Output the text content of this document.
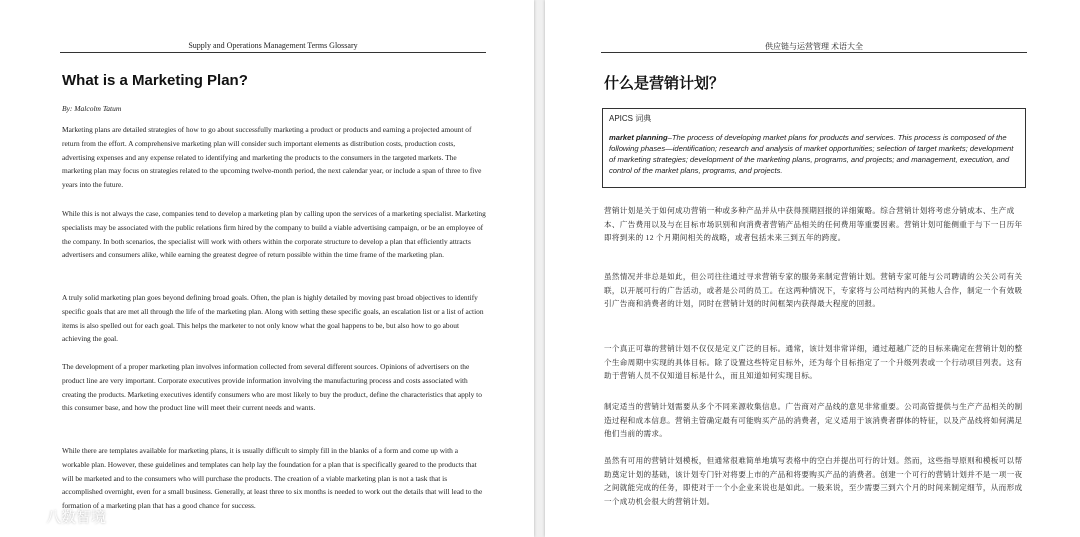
Supply and Operations Management Terms Glossary
What is a Marketing Plan?
By: Malcolm Tatum

Marketing plans are detailed strategies of how to go about successfully marketing a product or products and earning a projected amount of return from the effort. A comprehensive marketing plan will consider such important elements as distribution costs, production costs, advertising expenses and any expense related to identifying and marketing the products to the consumers in the targeted markets. The marketing plan may focus on strategies related to the upcoming twelve-month period, the next calendar year, or include a span of three to five years into the future.

While this is not always the case, companies tend to develop a marketing plan by calling upon the services of a marketing specialist. Marketing specialists may be associated with the public relations firm hired by the company to build a viable advertising campaign, or be an employee of the company. In both scenarios, the specialist will work with others within the corporate structure to develop a plan that efficiently attracts advertisers and consumers alike, while earning the greatest degree of return possible within the time frame of the marketing plan.

A truly solid marketing plan goes beyond defining broad goals. Often, the plan is highly detailed by moving past broad objectives to identify specific goals that are met all through the life of the marketing plan. Along with setting these specific goals, an escalation list or a list of action items is also spelled out for each goal. This helps the marketer to not only know what the goal happens to be, but also how to go about achieving the goal.

The development of a proper marketing plan involves information collected from several different sources. Opinions of advertisers on the product line are very important. Corporate executives provide information involving the manufacturing process and costs associated with creating the products. Marketing executives identify consumers who are most likely to buy the product, define the characteristics that apply to this consumer base, and how the product line will meet their current needs and wants.

While there are templates available for marketing plans, it is usually difficult to simply fill in the blanks of a form and come up with a workable plan. However, these guidelines and templates can help lay the foundation for a plan that is specifically geared to the products that will be marketed and to the consumers who will purchase the products. The creation of a viable marketing plan is not a task that is accomplished overnight, even for a small business. Generally, at least three to six months is needed to work out the details that will lead to the formation of a marketing plan that has a good chance for success.

供应链与运营管理 术语大全
什么是营销计划？
APICS 词典
market planning–The process of developing market plans for products and services. This process is composed of the following phases—identification; research and analysis of market opportunities; selection of target markets; development of marketing strategies; development of the marketing plans, programs, and projects; and management, execution, and control of the market plans, programs, and projects.

营销计划是关于如何成功营销一种或多种产品并从中获得预期回报的详细策略。综合营销计划将考虑分销成本、生产成本、广告费用以及与在目标市场识别和向消费者营销产品相关的任何费用等重要因素。营销计划可能侧重于与下一日历年即将到来的 12 个月期间相关的战略，或者包括未来三到五年的跨度。

虽然情况并非总是如此，但公司往往通过寻求营销专家的服务来制定营销计划。营销专家可能与公司聘请的公关公司有关联，以开展可行的广告活动，或者是公司的员工。在这两种情况下，专家将与公司结构内的其他人合作，制定一个有效吸引广告商和消费者的计划，同时在营销计划的时间框架内获得最大程度的回报。

一个真正可靠的营销计划不仅仅是定义广泛的目标。通常，该计划非常详细，通过超越广泛的目标来确定在营销计划的整个生命周期中实现的具体目标。除了设置这些特定目标外，还为每个目标指定了一个升级列表或一个行动项目列表。这有助于营销人员不仅知道目标是什么，而且知道如何实现目标。

制定适当的营销计划需要从多个不同来源收集信息。广告商对产品线的意见非常重要。公司高管提供与生产产品相关的制造过程和成本信息。营销主管确定最有可能购买产品的消费者，定义适用于该消费者群体的特征，以及产品线将如何满足他们当前的需求。

虽然有可用的营销计划模板，但通常很难简单地填写表格中的空白并提出可行的计划。然而，这些指导原则和模板可以帮助奠定计划的基础，该计划专门针对将要上市的产品和将要购买产品的消费者。创建一个可行的营销计划并不是一项一夜之间就能完成的任务，即使对于一个小企业来说也是如此。一般来说，至少需要三到六个月的时间来制定细节，从而形成一个成功机会很大的营销计划。

八数智境
